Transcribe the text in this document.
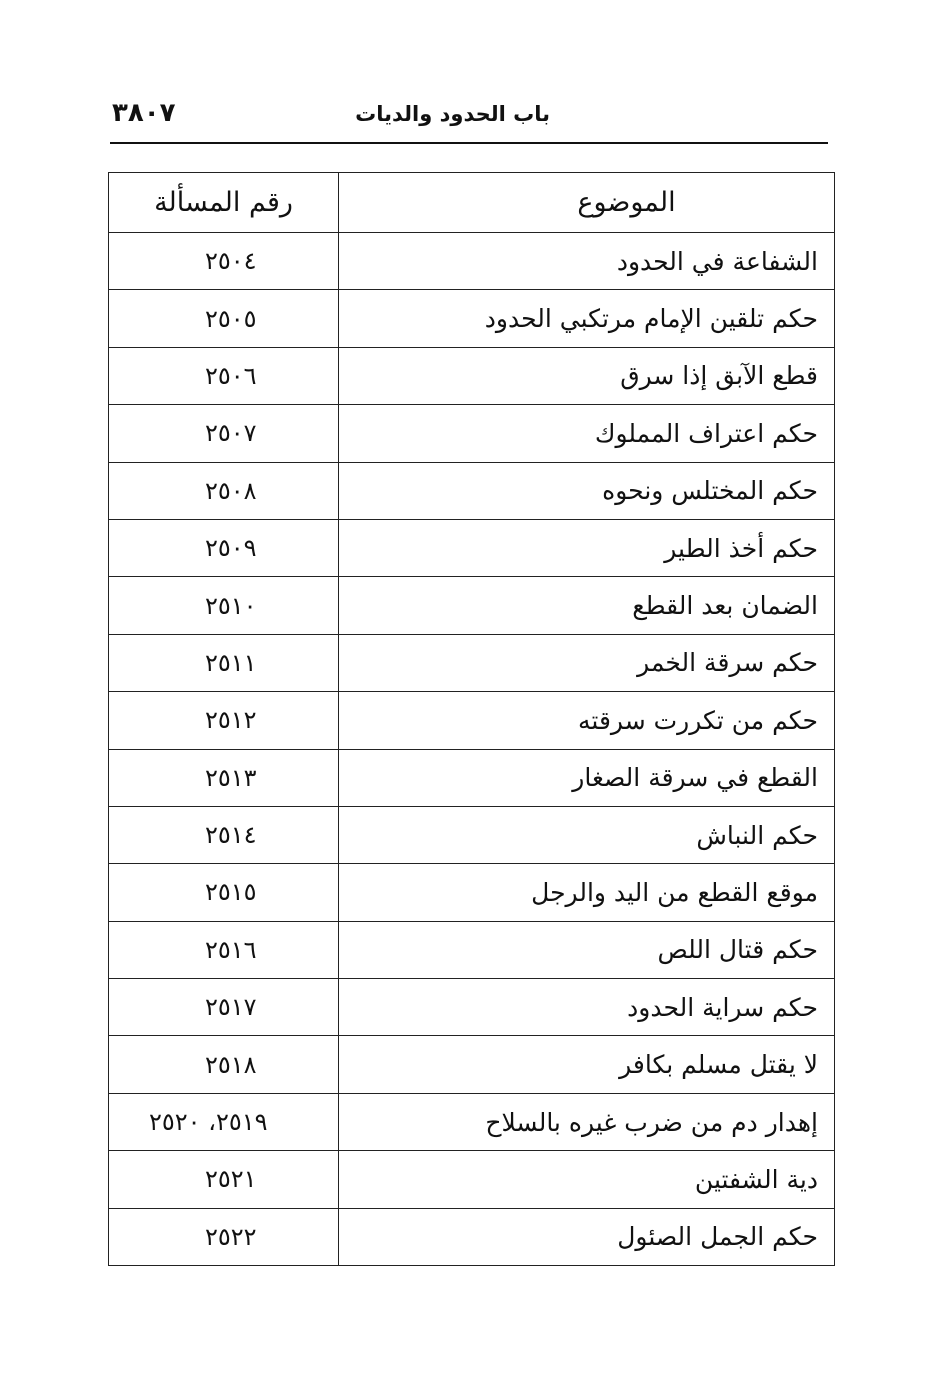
باب الحدود والديات
٣٨٠٧
الموضوع	رقم المسألة
الشفاعة في الحدود	٢٥٠٤
حكم تلقين الإمام مرتكبي الحدود	٢٥٠٥
قطع الآبق إذا سرق	٢٥٠٦
حكم اعتراف المملوك	٢٥٠٧
حكم المختلس ونحوه	٢٥٠٨
حكم أخذ الطير	٢٥٠٩
الضمان بعد القطع	٢٥١٠
حكم سرقة الخمر	٢٥١١
حكم من تكررت سرقته	٢٥١٢
القطع في سرقة الصغار	٢٥١٣
حكم النباش	٢٥١٤
موقع القطع من اليد والرجل	٢٥١٥
حكم قتال اللص	٢٥١٦
حكم سراية الحدود	٢٥١٧
لا يقتل مسلم بكافر	٢٥١٨
إهدار دم من ضرب غيره بالسلاح	٢٥١٩، ٢٥٢٠
دية الشفتين	٢٥٢١
حكم الجمل الصئول	٢٥٢٢
